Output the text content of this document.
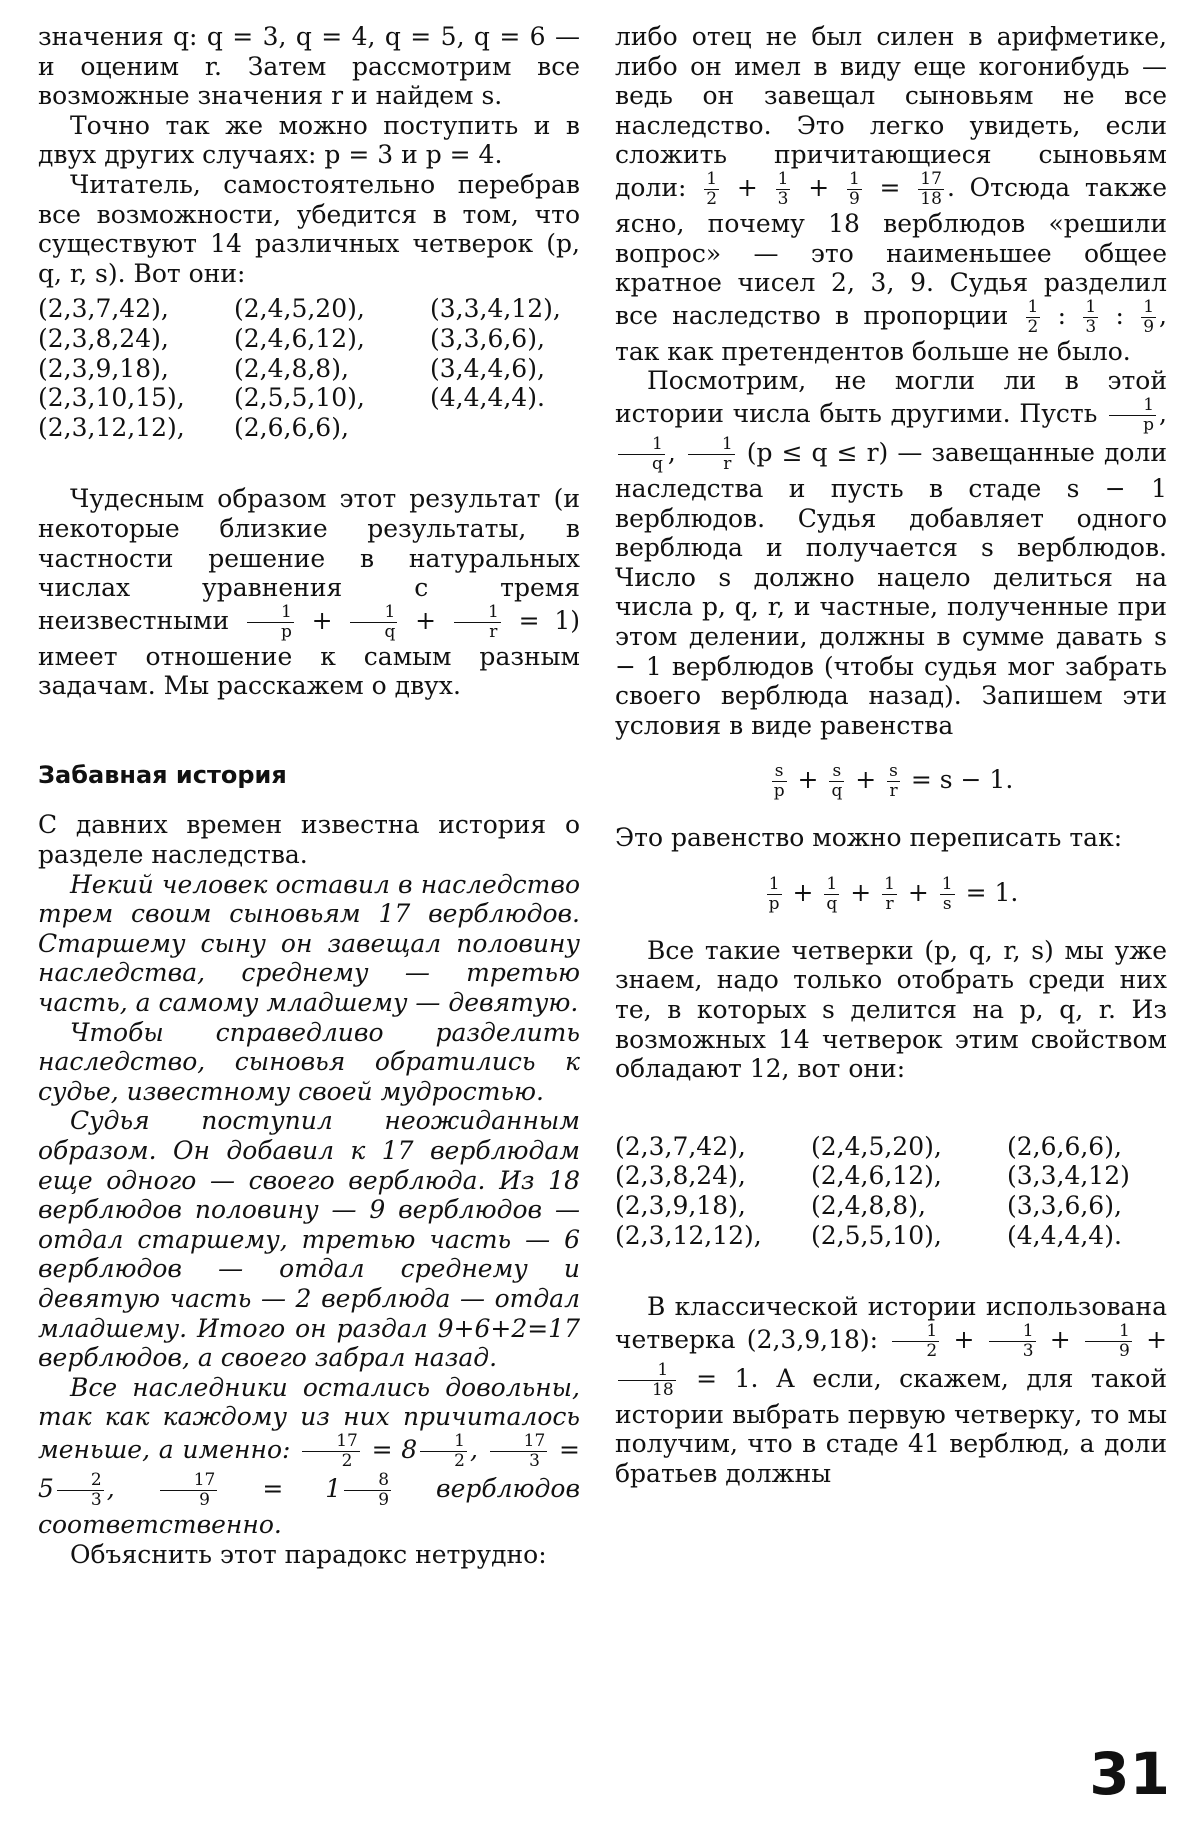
значения q: q = 3, q = 4, q = 5, q = 6 — и оценим r. Затем рассмотрим все возможные значения r и найдем s.

Точно так же можно поступить и в двух других случаях: p = 3 и p = 4.

Читатель, самостоятельно перебрав все возможности, убедится в том, что существуют 14 различных четверок (p, q, r, s). Вот они:

(2,3,7,42),	(2,4,5,20),	(3,3,4,12),
(2,3,8,24),	(2,4,6,12),	(3,3,6,6),
(2,3,9,18),	(2,4,8,8),	(3,4,4,6),
(2,3,10,15),	(2,5,5,10),	(4,4,4,4).
(2,3,12,12),	(2,6,6,6),

Чудесным образом этот результат (и некоторые близкие результаты, в частности решение в натуральных числах уравнения с тремя неизвестными $\frac{1}{p} + \frac{1}{q} + \frac{1}{r} = 1$) имеет отношение к самым разным задачам. Мы расскажем о двух.

Забавная история

С давних времен известна история о разделе наследства.

Некий человек оставил в наследство трем своим сыновьям 17 верблюдов. Старшему сыну он завещал половину наследства, среднему — третью часть, а самому младшему — девятую.

Чтобы справедливо разделить наследство, сыновья обратились к судье, известному своей мудростью.

Судья поступил неожиданным образом. Он добавил к 17 верблюдам еще одного — своего верблюда. Из 18 верблюдов половину — 9 верблюдов — отдал старшему, третью часть — 6 верблюдов — отдал среднему и девятую часть — 2 верблюда — отдал младшему. Итого он раздал 9+6+2=17 верблюдов, а своего забрал назад.

Все наследники остались довольны, так как каждому из них причиталось меньше, а именно: $\frac{17}{2} = 8 \frac{1}{2}$ , $\frac{17}{3} = 5 \frac{2}{3}$ , $\frac{17}{9} = 1 \frac{8}{9}$ верблюдов соответственно.

Объяснить этот парадокс нетрудно:

либо отец не был силен в арифметике, либо он имел в виду еще когонибудь — ведь он завещал сыновьям не все наследство. Это легко увидеть, если сложить причитающиеся сыновьям доли: $\frac{1}{2} + \frac{1}{3} + \frac{1}{9} = \frac{17}{18}$ . Отсюда также ясно, почему 18 верблюдов «решили вопрос» — это наименьшее общее кратное чисел 2, 3, 9. Судья разделил все наследство в пропорции $\frac{1}{2}$ : $\frac{1}{3}$ : $\frac{1}{9}$ , так как претендентов больше не было.

Посмотрим, не могли ли в этой истории числа быть другими. Пусть $\frac{1}{p}$ ,
$\frac{1}{q}$ , $\frac{1}{r} (p \le q \le r)$ — завещанные доли наследства и пусть в стаде s − 1 верблюдов. Судья добавляет одного верблюда и получается s верблюдов. Число s должно нацело делиться на числа p, q, r, и частные, полученные при этом делении, должны в сумме давать s − 1 верблюдов (чтобы судья мог забрать своего верблюда назад). Запишем эти условия в виде равенства

$\frac{s}{p} + \frac{s}{q} + \frac{s}{r} = s - 1$.

Это равенство можно переписать так:

$\frac{1}{p} + \frac{1}{q} + \frac{1}{r} + \frac{1}{s} = 1$.

Все такие четверки (p, q, r, s) мы уже знаем, надо только отобрать среди них те, в которых s делится на p, q, r. Из возможных 14 четверок этим свойством обладают 12, вот они:

(2,3,7,42),	(2,4,5,20),	(2,6,6,6),
(2,3,8,24),	(2,4,6,12),	(3,3,4,12)
(2,3,9,18),	(2,4,8,8),	(3,3,6,6),
(2,3,12,12),	(2,5,5,10),	(4,4,4,4).

В классической истории использована четверка (2,3,9,18): $\frac{1}{2} + \frac{1}{3} + \frac{1}{9}$ +
$\frac{1}{18} = 1$. А если, скажем, для такой истории выбрать первую четверку, то мы получим, что в стаде 41 верблюд, а доли братьев должны

31
